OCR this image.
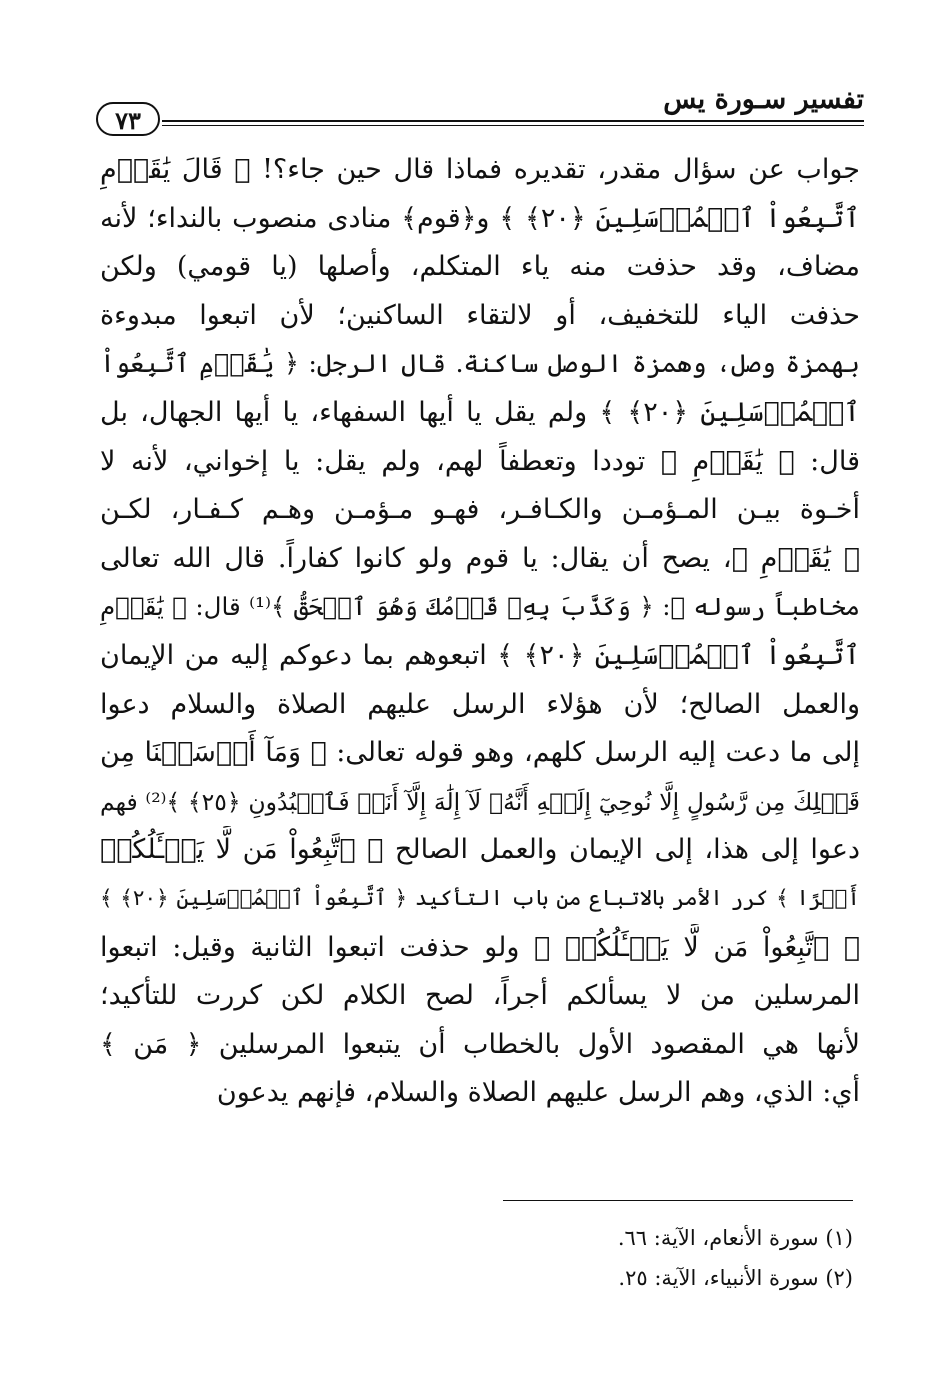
تفسير سـورة يس
٧٣
جواب عن سؤال مقدر، تقديره فماذا قال حين جاء؟! ﴿ قَالَ يَٰقَوۡمِ
ٱتَّبِعُواْ ٱلۡمُرۡسَلِينَ ﴿٢٠﴾ ﴾ و﴿قوم﴾ منادى منصوب بالنداء؛ لأنه
مضاف، وقد حذفت منه ياء المتكلم، وأصلها (يا قومي) ولكن
حذفت الياء للتخفيف، أو لالتقاء الساكنين؛ لأن اتبعوا مبدوءة
بهمزة وصل، وهمزة الوصل ساكنة. قال الرجل: ﴿ يَٰقَوۡمِ ٱتَّبِعُواْ
ٱلۡمُرۡسَلِينَ ﴿٢٠﴾ ﴾ ولم يقل يا أيها السفهاء، يا أيها الجهال، بل
قال: ﴿ يَٰقَوۡمِ ﴾ توددا وتعطفاً لهم، ولم يقل: يا إخواني، لأنه لا
أخـوة بيـن المـؤمـن والكـافـر، فهـو مـؤمـن وهـم كـفـار، لكـن
﴿ يَٰقَوۡمِ ﴾، يصح أن يقال: يا قوم ولو كانوا كفاراً. قال الله تعالى
مخاطباً رسوله ﷺ: ﴿ وَكَذَّبَ بِهِۦ قَوۡمُكَ وَهُوَ ٱلۡحَقُّ ﴾⁽¹⁾ قال: ﴿ يَٰقَوۡمِ
ٱتَّبِعُواْ ٱلۡمُرۡسَلِينَ ﴿٢٠﴾ ﴾ اتبعوهم بما دعوكم إليه من الإيمان
والعمل الصالح؛ لأن هؤلاء الرسل عليهم الصلاة والسلام دعوا
إلى ما دعت إليه الرسل كلهم، وهو قوله تعالى: ﴿ وَمَآ أَرۡسَلۡنَا مِن
قَبۡلِكَ مِن رَّسُولٍ إِلَّا نُوحِيٓ إِلَيۡهِ أَنَّهُۥ لَآ إِلَٰهَ إِلَّآ أَنَا۠ فَٱعۡبُدُونِ ﴿٢٥﴾ ﴾⁽²⁾ فهم
دعوا إلى هذا، إلى الإيمان والعمل الصالح ﴿ ٱتَّبِعُواْ مَن لَّا يَسۡـَٔلُكُمۡ
أَجۡرًا ﴾ كرر الأمر بالاتباع من باب التأكيد ﴿ ٱتَّبِعُواْ ٱلۡمُرۡسَلِينَ ﴿٢٠﴾ ﴾
﴿ ٱتَّبِعُواْ مَن لَّا يَسۡـَٔلُكُمۡ ﴾ ولو حذفت اتبعوا الثانية وقيل: اتبعوا
المرسلين من لا يسألكم أجراً، لصح الكلام لكن كررت للتأكيد؛
لأنها هي المقصود الأول بالخطاب أن يتبعوا المرسلين ﴿ مَن ﴾
أي: الذي، وهم الرسل عليهم الصلاة والسلام، فإنهم يدعون
(١) سورة الأنعام، الآية: ٦٦.
(٢) سورة الأنبياء، الآية: ٢٥.
